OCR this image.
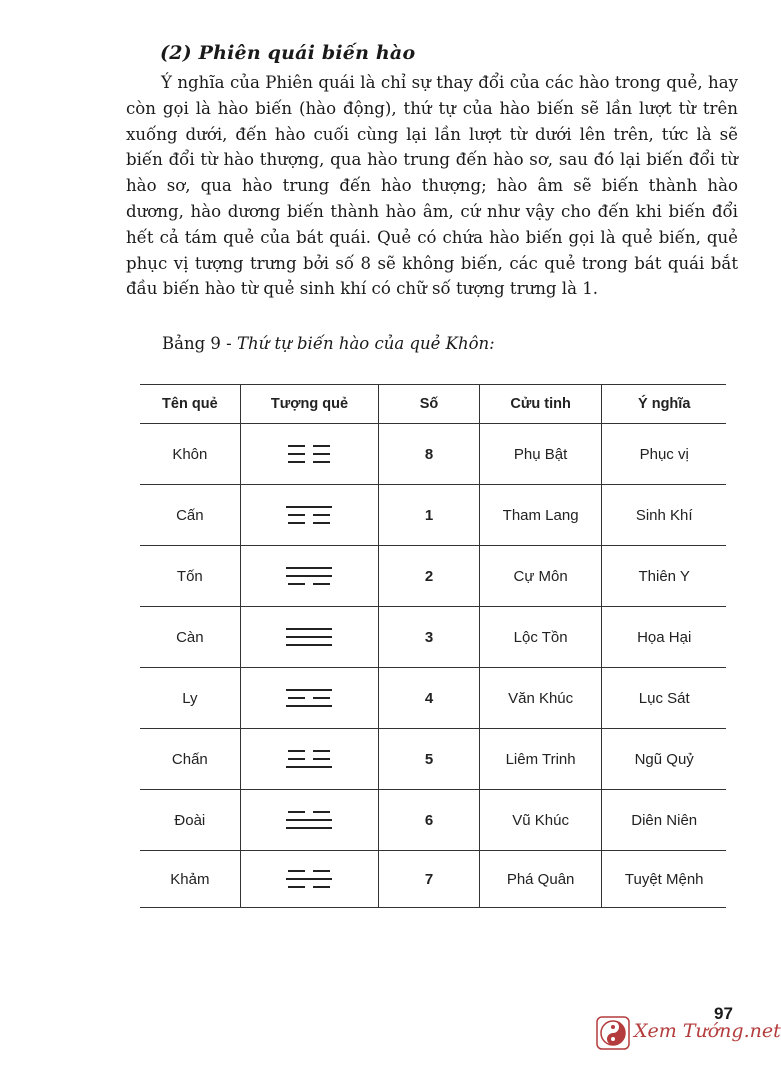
(2) Phiên quái biến hào

Ý nghĩa của Phiên quái là chỉ sự thay đổi của các hào trong quẻ, hay còn gọi là hào biến (hào động), thứ tự của hào biến sẽ lần lượt từ trên xuống dưới, đến hào cuối cùng lại lần lượt từ dưới lên trên, tức là sẽ biến đổi từ hào thượng, qua hào trung đến hào sơ, sau đó lại biến đổi từ hào sơ, qua hào trung đến hào thượng; hào âm sẽ biến thành hào dương, hào dương biến thành hào âm, cứ như vậy cho đến khi biến đổi hết cả tám quẻ của bát quái. Quẻ có chứa hào biến gọi là quẻ biến, quẻ phục vị tượng trưng bởi số 8 sẽ không biến, các quẻ trong bát quái bắt đầu biến hào từ quẻ sinh khí có chữ số tượng trưng là 1.

Bảng 9 - Thứ tự biến hào của quẻ Khôn:
Tên quẻ	Tượng quẻ	Số	Cửu tinh	Ý nghĩa
Khôn		8	Phụ Bật	Phục vị
Cấn		1	Tham Lang	Sinh Khí
Tốn		2	Cự Môn	Thiên Y
Càn		3	Lộc Tồn	Họa Hại
Ly		4	Văn Khúc	Lục Sát
Chấn		5	Liêm Trinh	Ngũ Quỷ
Đoài		6	Vũ Khúc	Diên Niên
Khảm		7	Phá Quân	Tuyệt Mệnh
97
Xem Tướng.net
